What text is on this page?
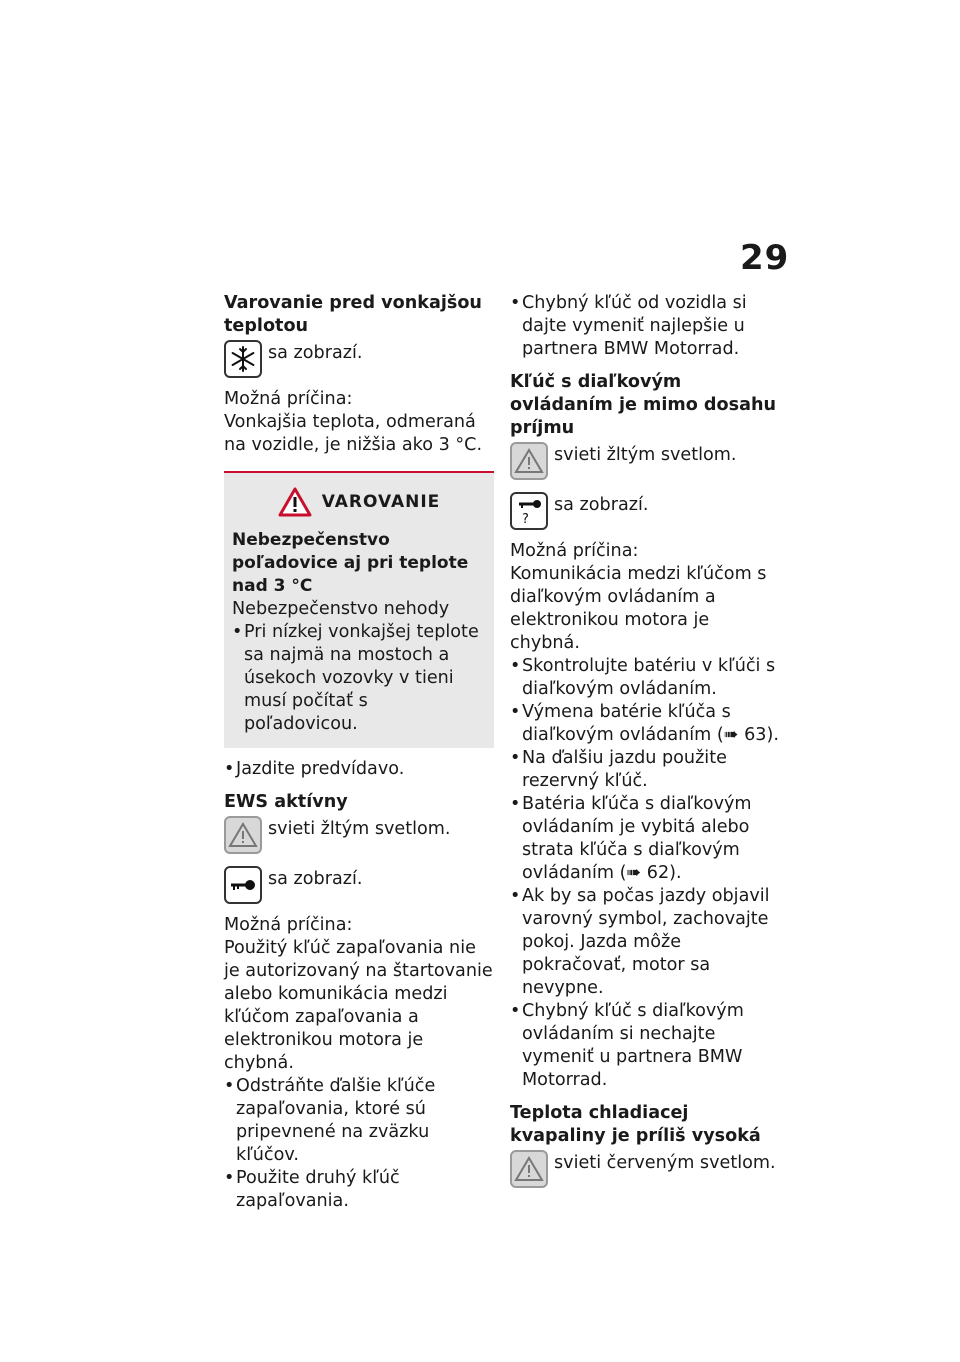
29

Varovanie pred vonkajšou teplotou

sa zobrazí.

Možná príčina:

Vonkajšia teplota, odmeraná na vozidle, je nižšia ako 3 °C.

VAROVANIE

Nebezpečenstvo poľadovice aj pri teplote nad 3 °C

Nebezpečenstvo nehody

• Pri nízkej vonkajšej teplote sa najmä na mostoch a úsekoch vozovky v tieni musí počítať s poľadovicou.
• Jazdite predvídavo.

EWS aktívny

svieti žltým svetlom.
sa zobrazí.

Možná príčina:

Použitý kľúč zapaľovania nie je autorizovaný na štartovanie alebo komunikácia medzi kľúčom zapaľovania a elektronikou motora je chybná.

• Odstráňte ďalšie kľúče zapaľovania, ktoré sú pripevnené na zväzku kľúčov.
• Použite druhý kľúč zapaľovania.
• Chybný kľúč od vozidla si dajte vymeniť najlepšie u partnera BMW Motorrad.

Kľúč s diaľkovým ovládaním je mimo dosahu príjmu

svieti žltým svetlom.
?
sa zobrazí.

Možná príčina:

Komunikácia medzi kľúčom s diaľkovým ovládaním a elektronikou motora je chybná.

• Skontrolujte batériu v kľúči s diaľkovým ovládaním.
• Výmena batérie kľúča s diaľkovým ovládaním (➠ 63).
• Na ďalšiu jazdu použite rezervný kľúč.
• Batéria kľúča s diaľkovým ovládaním je vybitá alebo strata kľúča s diaľkovým ovládaním (➠ 62).
• Ak by sa počas jazdy objavil varovný symbol, zachovajte pokoj. Jazda môže pokračovať, motor sa nevypne.
• Chybný kľúč s diaľkovým ovládaním si nechajte vymeniť u partnera BMW Motorrad.

Teplota chladiacej kvapaliny je príliš vysoká

svieti červeným svetlom.
